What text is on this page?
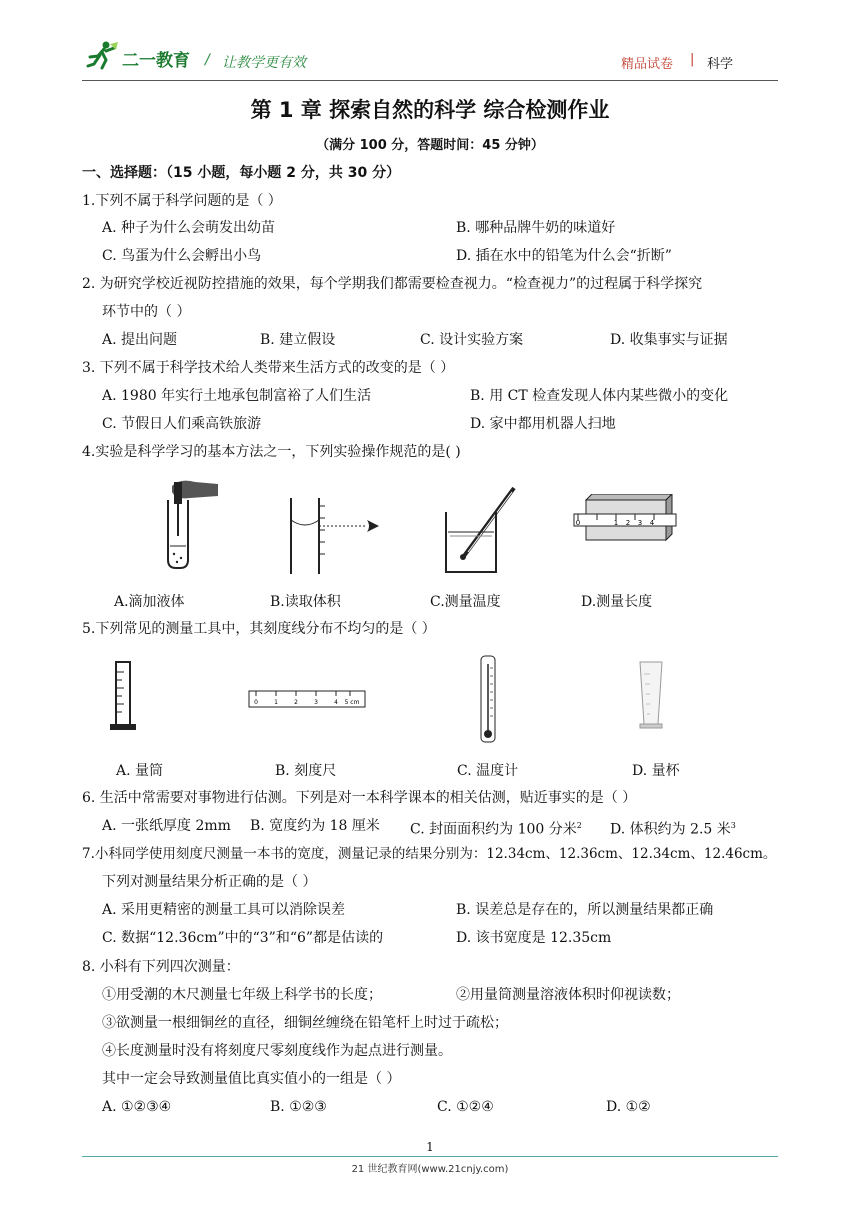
二一教育 / 让教学更有效	精品试卷 | 科学
第 1 章 探索自然的科学 综合检测作业
（满分 100 分，答题时间：45 分钟）
一、选择题：（15 小题，每小题 2 分，共 30 分）
1.下列不属于科学问题的是（ ）
A. 种子为什么会萌发出幼苗	B. 哪种品牌牛奶的味道好
C. 鸟蛋为什么会孵出小鸟	D. 插在水中的铅笔为什么会“折断”
2. 为研究学校近视防控措施的效果，每个学期我们都需要检查视力。“检查视力”的过程属于科学探究
环节中的（ ）
A. 提出问题	B. 建立假设	C. 设计实验方案	D. 收集事实与证据
3. 下列不属于科学技术给人类带来生活方式的改变的是（ ）
A. 1980 年实行土地承包制富裕了人们生活	B. 用 CT 检查发现人体内某些微小的变化
C. 节假日人们乘高铁旅游	D. 家中都用机器人扫地
4.实验是科学学习的基本方法之一，下列实验操作规范的是( )
0	1 2 3 4
A.滴加液体	B.读取体积	C.测量温度	D.测量长度
5.下列常见的测量工具中，其刻度线分布不均匀的是（ ）
0	1	2	3	4 5 cm
A. 量筒	B. 刻度尺	C. 温度计	D. 量杯
6. 生活中常需要对事物进行估测。下列是对一本科学课本的相关估测，贴近事实的是（ ）
A. 一张纸厚度 2mm B. 宽度约为 18 厘米 C. 封面面积约为 100 分米$^2$ D. 体积约为 2.5 米$^3$
7.小科同学使用刻度尺测量一本书的宽度，测量记录的结果分别为：12.34cm、12.36cm、12.34cm、12.46cm。
下列对测量结果分析正确的是（ ）
A. 采用更精密的测量工具可以消除误差	B. 误差总是存在的，所以测量结果都正确
C. 数据“12.36cm”中的“3”和“6”都是估读的	D. 该书宽度是 12.35cm
8. 小科有下列四次测量：
①用受潮的木尺测量七年级上科学书的长度；	②用量筒测量溶液体积时仰视读数；
③欲测量一根细铜丝的直径，细铜丝缠绕在铅笔杆上时过于疏松；
④长度测量时没有将刻度尺零刻度线作为起点进行测量。
其中一定会导致测量值比真实值小的一组是（ ）
A. ①②③④	B. ①②③	C. ①②④	D. ①②
1
21 世纪教育网(www.21cnjy.com)
